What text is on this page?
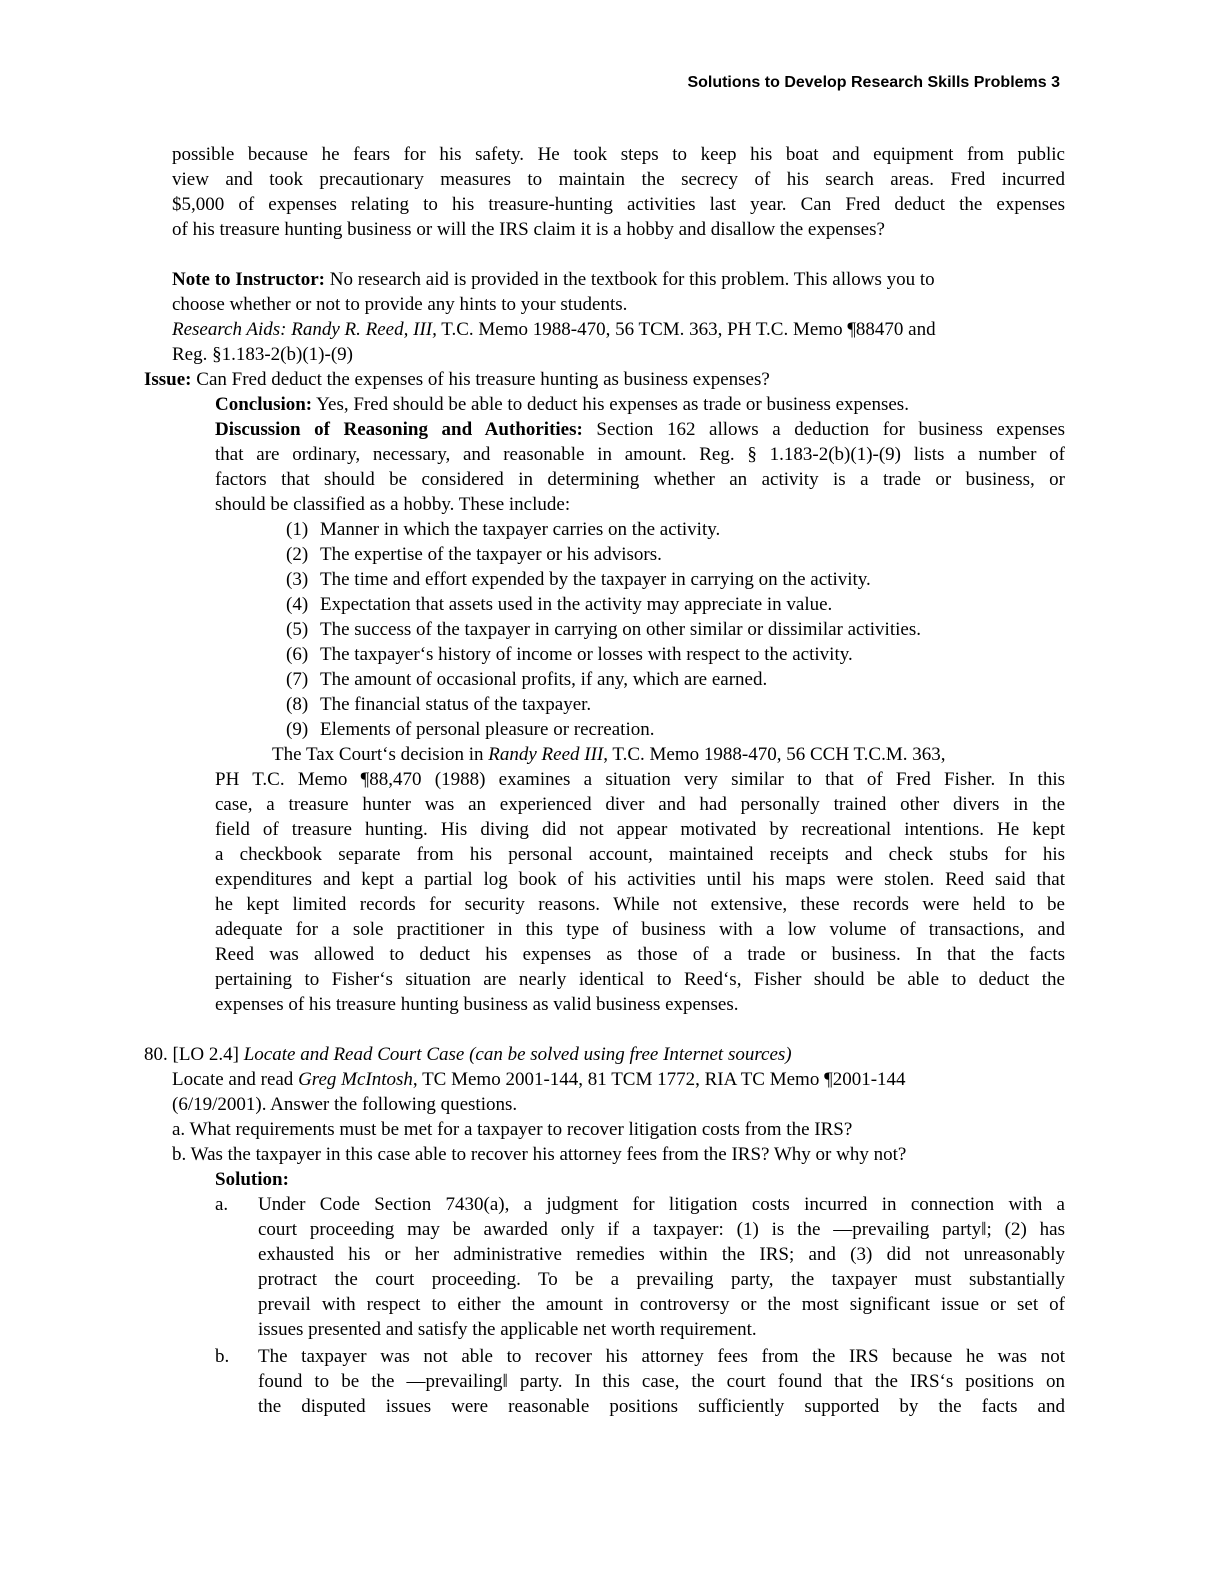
Solutions to Develop Research Skills Problems 3
possible because he fears for his safety. He took steps to keep his boat and equipment from public
view and took precautionary measures to maintain the secrecy of his search areas. Fred incurred
$5,000 of expenses relating to his treasure-hunting activities last year. Can Fred deduct the expenses
of his treasure hunting business or will the IRS claim it is a hobby and disallow the expenses?
Note to Instructor: No research aid is provided in the textbook for this problem. This allows you to
choose whether or not to provide any hints to your students.
Research Aids: Randy R. Reed, III, T.C. Memo 1988-470, 56 TCM. 363, PH T.C. Memo ¶88470 and
Reg. §1.183-2(b)(1)-(9)
Issue: Can Fred deduct the expenses of his treasure hunting as business expenses?
Conclusion: Yes, Fred should be able to deduct his expenses as trade or business expenses.
Discussion of Reasoning and Authorities: Section 162 allows a deduction for business expenses
that are ordinary, necessary, and reasonable in amount. Reg. § 1.183-2(b)(1)-(9) lists a number of
factors that should be considered in determining whether an activity is a trade or business, or
should be classified as a hobby. These include:
(1) Manner in which the taxpayer carries on the activity.
(2) The expertise of the taxpayer or his advisors.
(3) The time and effort expended by the taxpayer in carrying on the activity.
(4) Expectation that assets used in the activity may appreciate in value.
(5) The success of the taxpayer in carrying on other similar or dissimilar activities.
(6) The taxpayer‘s history of income or losses with respect to the activity.
(7) The amount of occasional profits, if any, which are earned.
(8) The financial status of the taxpayer.
(9) Elements of personal pleasure or recreation.
The Tax Court‘s decision in Randy Reed III, T.C. Memo 1988-470, 56 CCH T.C.M. 363,
PH T.C. Memo ¶88,470 (1988) examines a situation very similar to that of Fred Fisher. In this
case, a treasure hunter was an experienced diver and had personally trained other divers in the
field of treasure hunting. His diving did not appear motivated by recreational intentions. He kept
a checkbook separate from his personal account, maintained receipts and check stubs for his
expenditures and kept a partial log book of his activities until his maps were stolen. Reed said that
he kept limited records for security reasons. While not extensive, these records were held to be
adequate for a sole practitioner in this type of business with a low volume of transactions, and
Reed was allowed to deduct his expenses as those of a trade or business. In that the facts
pertaining to Fisher‘s situation are nearly identical to Reed‘s, Fisher should be able to deduct the
expenses of his treasure hunting business as valid business expenses.
80. [LO 2.4] Locate and Read Court Case (can be solved using free Internet sources)
Locate and read Greg McIntosh, TC Memo 2001-144, 81 TCM 1772, RIA TC Memo ¶2001-144
(6/19/2001). Answer the following questions.
a. What requirements must be met for a taxpayer to recover litigation costs from the IRS?
b. Was the taxpayer in this case able to recover his attorney fees from the IRS? Why or why not?
Solution:
a. Under Code Section 7430(a), a judgment for litigation costs incurred in connection with a
court proceeding may be awarded only if a taxpayer: (1) is the —prevailing party‖; (2) has
exhausted his or her administrative remedies within the IRS; and (3) did not unreasonably
protract the court proceeding. To be a prevailing party, the taxpayer must substantially
prevail with respect to either the amount in controversy or the most significant issue or set of
issues presented and satisfy the applicable net worth requirement.
b. The taxpayer was not able to recover his attorney fees from the IRS because he was not
found to be the —prevailing‖ party. In this case, the court found that the IRS‘s positions on
the disputed issues were reasonable positions sufficiently supported by the facts and
